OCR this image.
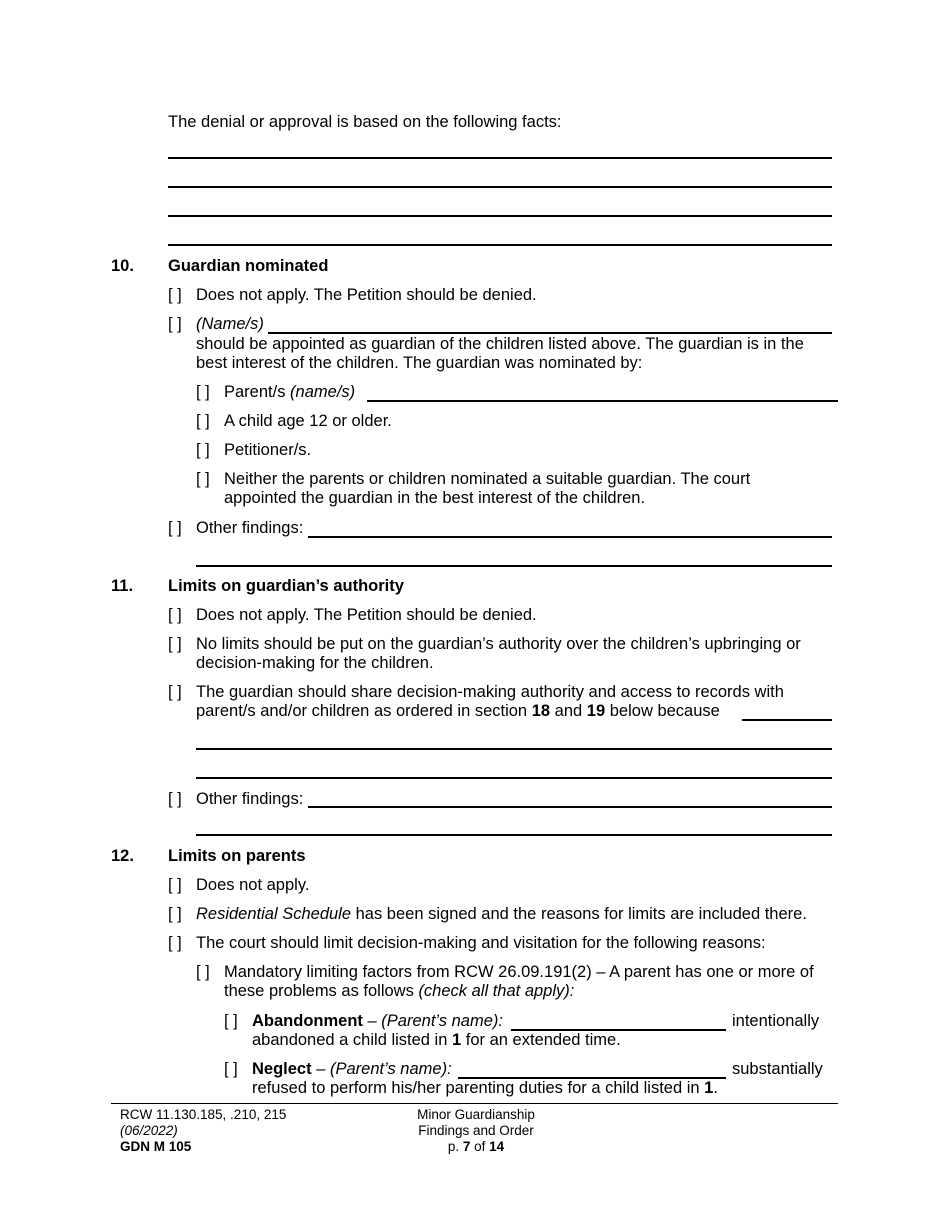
The denial or approval is based on the following facts:
10. Guardian nominated
[ ] Does not apply. The Petition should be denied.
[ ] (Name/s)
should be appointed as guardian of the children listed above. The guardian is in the
best interest of the children. The guardian was nominated by:
[ ] Parent/s (name/s)
[ ] A child age 12 or older.
[ ] Petitioner/s.
[ ] Neither the parents or children nominated a suitable guardian. The court
appointed the guardian in the best interest of the children.
[ ] Other findings:
11. Limits on guardian’s authority
[ ] Does not apply. The Petition should be denied.
[ ] No limits should be put on the guardian’s authority over the children’s upbringing or
decision-making for the children.
[ ] The guardian should share decision-making authority and access to records with
parent/s and/or children as ordered in section 18 and 19 below because
[ ] Other findings:
12. Limits on parents
[ ] Does not apply.
[ ] Residential Schedule has been signed and the reasons for limits are included there.
[ ] The court should limit decision-making and visitation for the following reasons:
[ ] Mandatory limiting factors from RCW 26.09.191(2) – A parent has one or more of
these problems as follows (check all that apply):
[ ] Abandonment – (Parent’s name):	intentionally
abandoned a child listed in 1 for an extended time.
[ ] Neglect – (Parent’s name):	substantially
refused to perform his/her parenting duties for a child listed in 1.
RCW 11.130.185, .210, 215
(06/2022)
GDN M 105
Minor Guardianship
Findings and Order
p. 7 of 14
